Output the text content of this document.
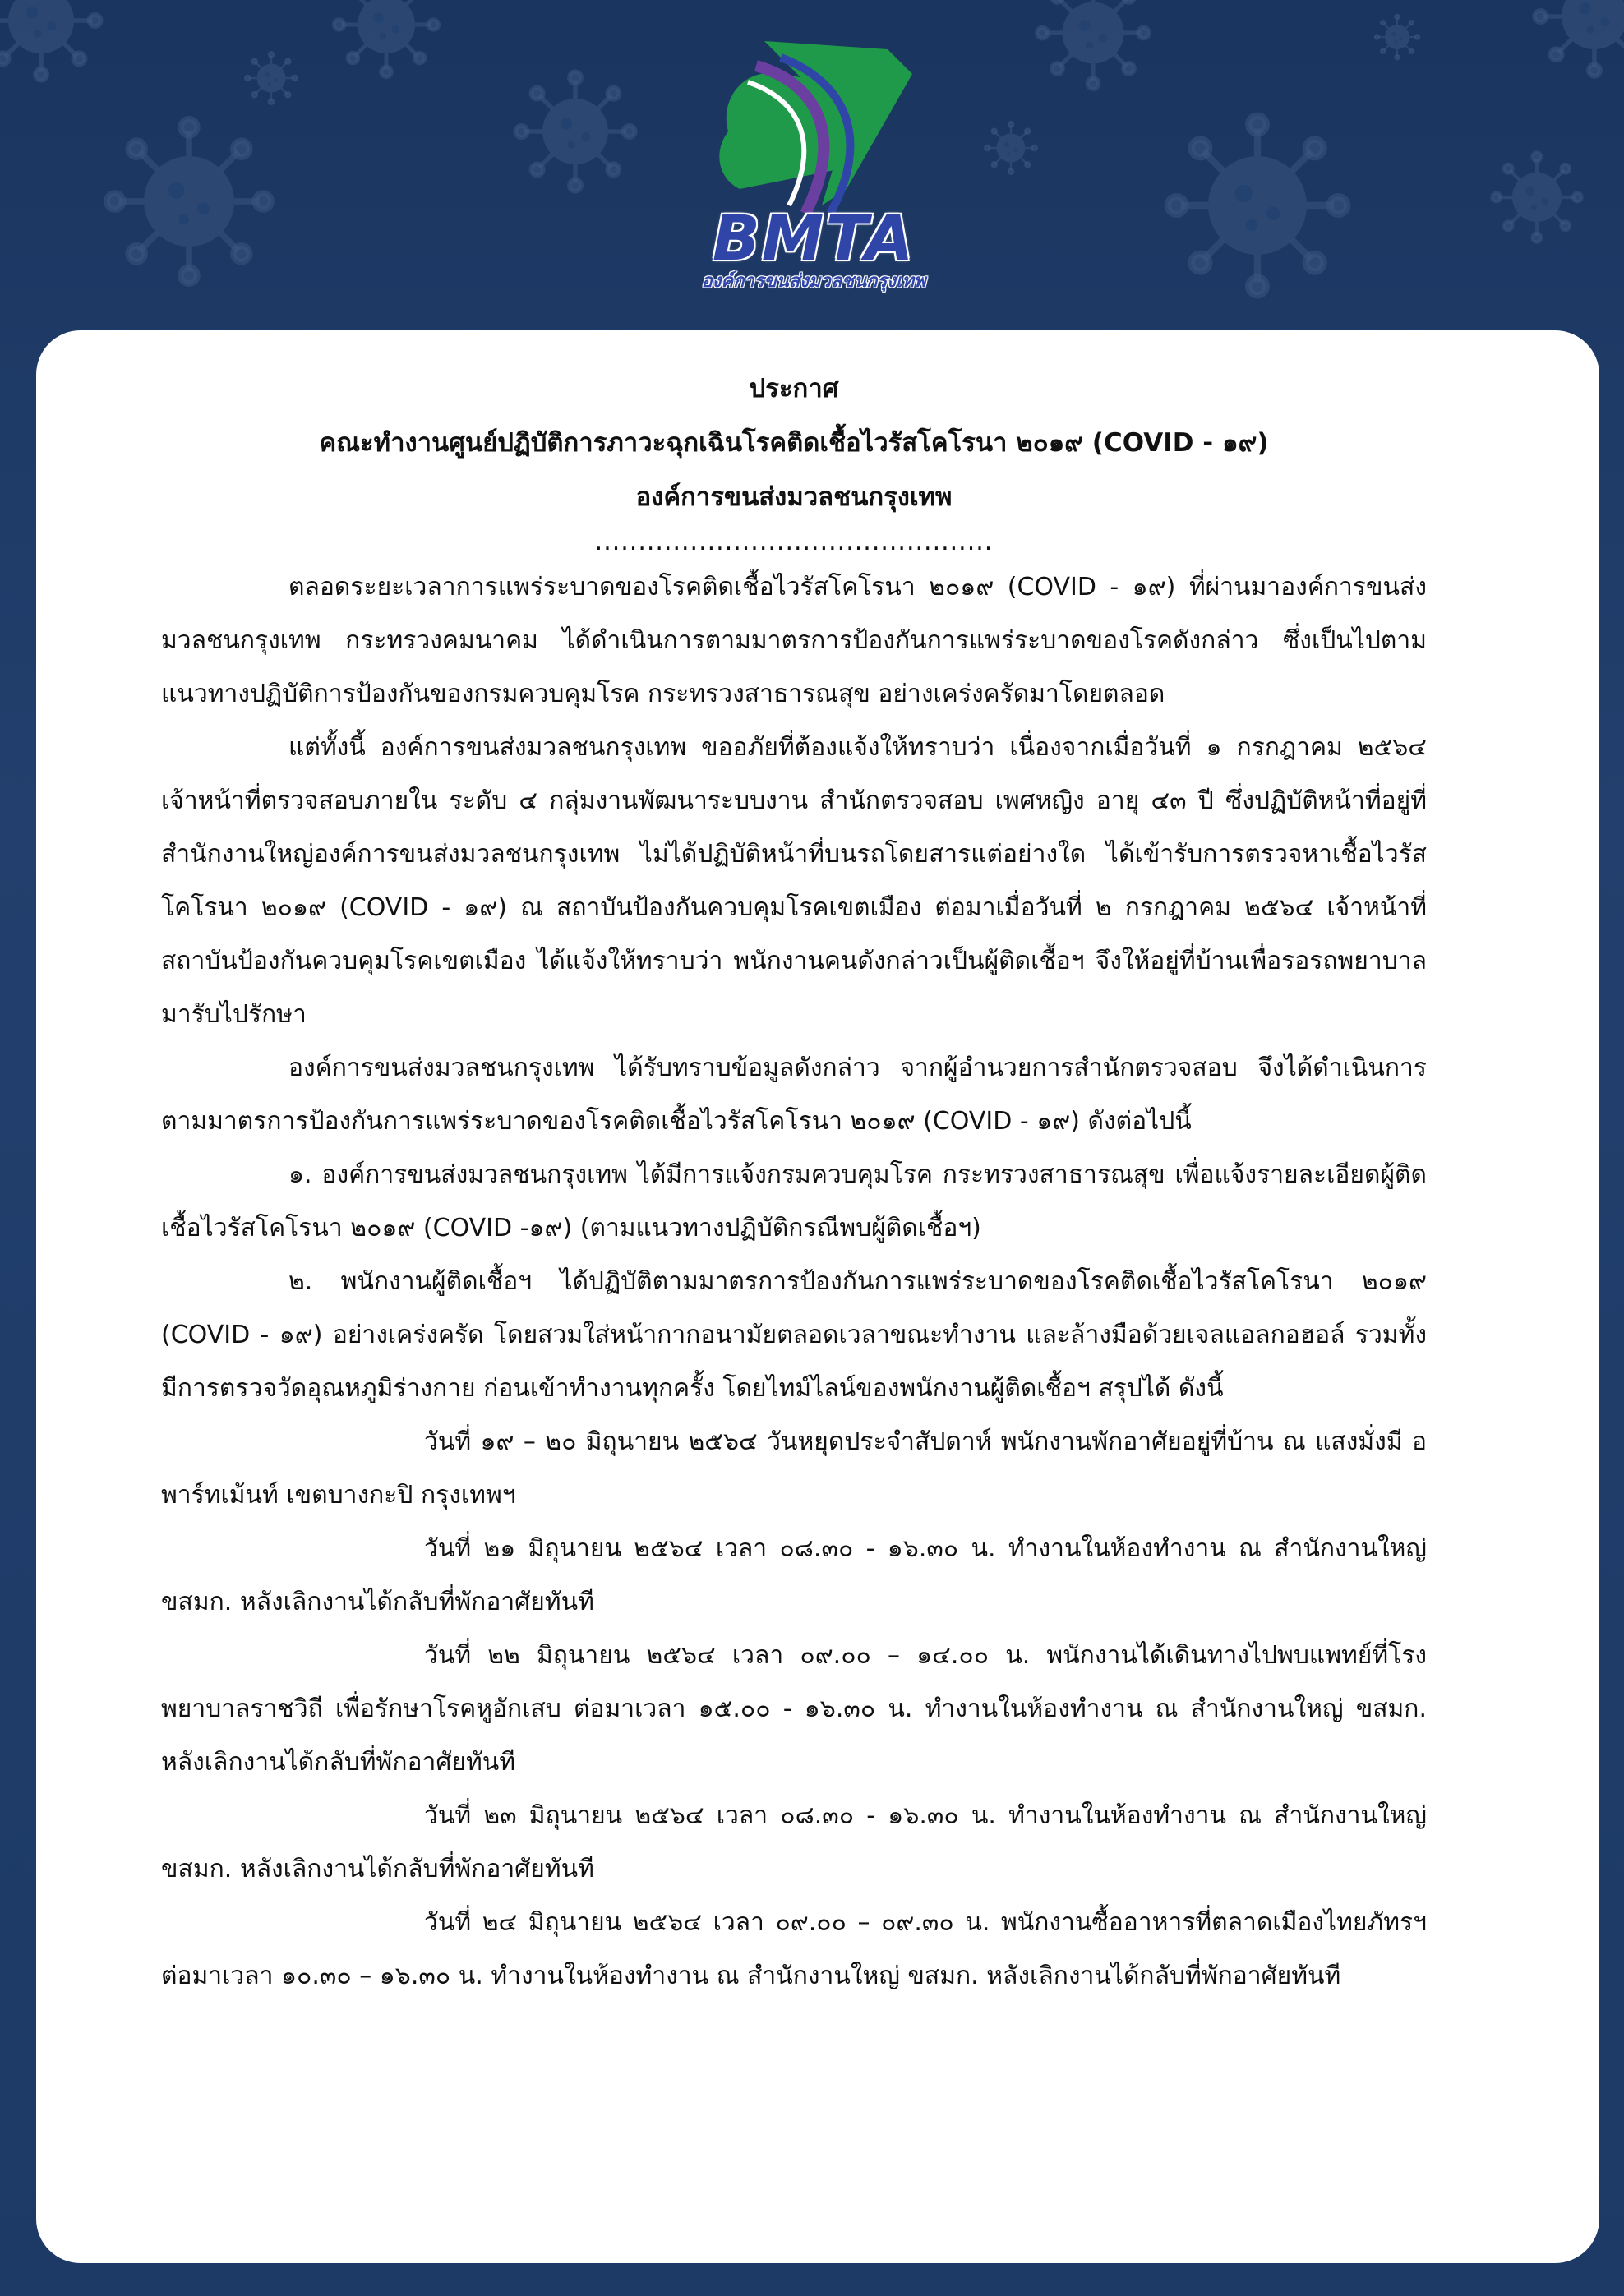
BMTA
องค์การขนส่งมวลชนกรุงเทพ

ประกาศ

คณะทำงานศูนย์ปฏิบัติการภาวะฉุกเฉินโรคติดเชื้อไวรัสโคโรนา ๒๐๑๙ (COVID - ๑๙)

องค์การขนส่งมวลชนกรุงเทพ

..............................................

ตลอดระยะเวลาการแพร่ระบาดของโรคติดเชื้อไวรัสโคโรนา ๒๐๑๙ (COVID - ๑๙) ที่ผ่านมาองค์การขนส่งมวลชนกรุงเทพ กระทรวงคมนาคม ได้ดำเนินการตามมาตรการป้องกันการแพร่ระบาดของโรคดังกล่าว ซึ่งเป็นไปตามแนวทางปฏิบัติการป้องกันของกรมควบคุมโรค กระทรวงสาธารณสุข อย่างเคร่งครัดมาโดยตลอด

แต่ทั้งนี้ องค์การขนส่งมวลชนกรุงเทพ ขออภัยที่ต้องแจ้งให้ทราบว่า เนื่องจากเมื่อวันที่ ๑ กรกฎาคม ๒๕๖๔ เจ้าหน้าที่ตรวจสอบภายใน ระดับ ๔ กลุ่มงานพัฒนาระบบงาน สำนักตรวจสอบ เพศหญิง อายุ ๔๓ ปี ซึ่งปฏิบัติหน้าที่อยู่ที่ สำนักงานใหญ่องค์การขนส่งมวลชนกรุงเทพ ไม่ได้ปฏิบัติหน้าที่บนรถโดยสารแต่อย่างใด ได้เข้ารับการตรวจหาเชื้อไวรัสโคโรนา ๒๐๑๙ (COVID - ๑๙) ณ สถาบันป้องกันควบคุมโรคเขตเมือง ต่อมาเมื่อวันที่ ๒ กรกฎาคม ๒๕๖๔ เจ้าหน้าที่สถาบันป้องกันควบคุมโรคเขตเมือง ได้แจ้งให้ทราบว่า พนักงานคนดังกล่าวเป็นผู้ติดเชื้อฯ จึงให้อยู่ที่บ้านเพื่อรอรถพยาบาลมารับไปรักษา

องค์การขนส่งมวลชนกรุงเทพ ได้รับทราบข้อมูลดังกล่าว จากผู้อำนวยการสำนักตรวจสอบ จึงได้ดำเนินการตามมาตรการป้องกันการแพร่ระบาดของโรคติดเชื้อไวรัสโคโรนา ๒๐๑๙ (COVID - ๑๙) ดังต่อไปนี้

๑. องค์การขนส่งมวลชนกรุงเทพ ได้มีการแจ้งกรมควบคุมโรค กระทรวงสาธารณสุข เพื่อแจ้งรายละเอียดผู้ติดเชื้อไวรัสโคโรนา ๒๐๑๙ (COVID -๑๙) (ตามแนวทางปฏิบัติกรณีพบผู้ติดเชื้อฯ)

๒. พนักงานผู้ติดเชื้อฯ ได้ปฏิบัติตามมาตรการป้องกันการแพร่ระบาดของโรคติดเชื้อไวรัสโคโรนา ๒๐๑๙ (COVID - ๑๙) อย่างเคร่งครัด โดยสวมใส่หน้ากากอนามัยตลอดเวลาขณะทำงาน และล้างมือด้วยเจลแอลกอฮอล์ รวมทั้ง มีการตรวจวัดอุณหภูมิร่างกาย ก่อนเข้าทำงานทุกครั้ง โดยไทม์ไลน์ของพนักงานผู้ติดเชื้อฯ สรุปได้ ดังนี้

วันที่ ๑๙ – ๒๐ มิถุนายน ๒๕๖๔ วันหยุดประจำสัปดาห์ พนักงานพักอาศัยอยู่ที่บ้าน ณ แสงมั่งมี อพาร์ทเม้นท์ เขตบางกะปิ กรุงเทพฯ

วันที่ ๒๑ มิถุนายน ๒๕๖๔ เวลา ๐๘.๓๐ - ๑๖.๓๐ น. ทำงานในห้องทำงาน ณ สำนักงานใหญ่ ขสมก. หลังเลิกงานได้กลับที่พักอาศัยทันที

วันที่ ๒๒ มิถุนายน ๒๕๖๔ เวลา ๐๙.๐๐ – ๑๔.๐๐ น. พนักงานได้เดินทางไปพบแพทย์ที่โรงพยาบาลราชวิถี เพื่อรักษาโรคหูอักเสบ ต่อมาเวลา ๑๕.๐๐ - ๑๖.๓๐ น. ทำงานในห้องทำงาน ณ สำนักงานใหญ่ ขสมก. หลังเลิกงานได้กลับที่พักอาศัยทันที

วันที่ ๒๓ มิถุนายน ๒๕๖๔ เวลา ๐๘.๓๐ - ๑๖.๓๐ น. ทำงานในห้องทำงาน ณ สำนักงานใหญ่ ขสมก. หลังเลิกงานได้กลับที่พักอาศัยทันที

วันที่ ๒๔ มิถุนายน ๒๕๖๔ เวลา ๐๙.๐๐ – ๐๙.๓๐ น. พนักงานซื้ออาหารที่ตลาดเมืองไทยภัทรฯ ต่อมาเวลา ๑๐.๓๐ – ๑๖.๓๐ น. ทำงานในห้องทำงาน ณ สำนักงานใหญ่ ขสมก. หลังเลิกงานได้กลับที่พักอาศัยทันที
